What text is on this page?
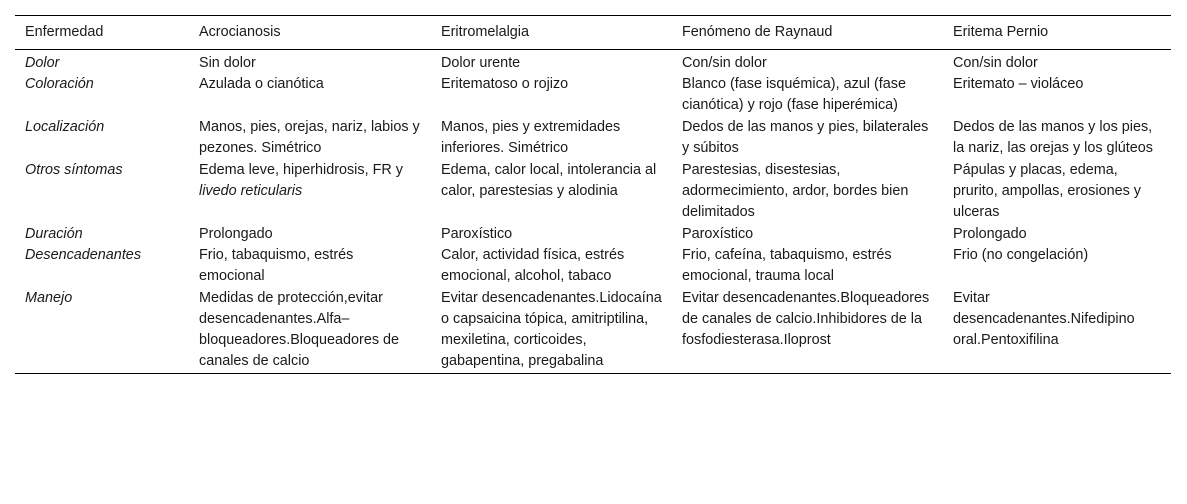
Enfermedad	Acrocianosis	Eritromelalgia	Fenómeno de Raynaud	Eritema Pernio
Dolor	Sin dolor	Dolor urente	Con/sin dolor	Con/sin dolor
Coloración	Azulada o cianótica	Eritematoso o rojizo	Blanco (fase isquémica), azul (fase cianótica) y rojo (fase hiperémica)	Eritemato – violáceo
Localización	Manos, pies, orejas, nariz, labios y pezones. Simétrico	Manos, pies y extremidades inferiores. Simétrico	Dedos de las manos y pies, bilaterales y súbitos	Dedos de las manos y los pies, la nariz, las orejas y los glúteos
Otros síntomas	Edema leve, hiperhidrosis, FR y livedo reticularis	Edema, calor local, intolerancia al calor, parestesias y alodinia	Parestesias, disestesias, adormecimiento, ardor, bordes bien delimitados	Pápulas y placas, edema, prurito, ampollas, erosiones y ulceras
Duración	Prolongado	Paroxístico	Paroxístico	Prolongado
Desencadenantes	Frio, tabaquismo, estrés emocional	Calor, actividad física, estrés emocional, alcohol, tabaco	Frio, cafeína, tabaquismo, estrés emocional, trauma local	Frio (no congelación)
Manejo	Medidas de protección,evitar desencadenantes.Alfa–bloqueadores.Bloqueadores de canales de calcio	Evitar desencadenantes.Lidocaína o capsaicina tópica, amitriptilina, mexiletina, corticoides, gabapentina, pregabalina	Evitar desencadenantes.Bloqueadores de canales de calcio.Inhibidores de la fosfodiesterasa.Iloprost	Evitar desencadenantes.Nifedipino oral.Pentoxifilina
